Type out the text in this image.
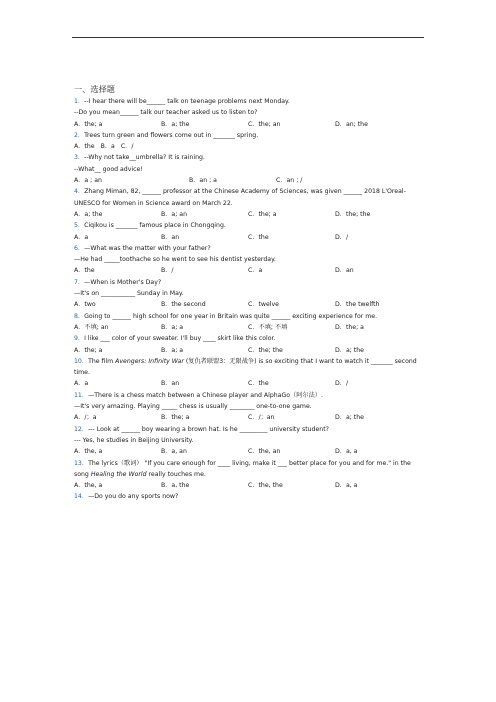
一、选择题
1．--I hear there will be______ talk on teenage problems next Monday.
--Do you mean______ talk our teacher asked us to listen to?
A．the; a	B．a; the	C．the; an	D．an; the
2．Trees turn green and flowers come out in _______ spring.
A．the B．a C．/
3．--Why not take__umbrella? It is raining.
--What__ good advice!
A．a ; an	B．an ; a	C．an ; /
4．Zhang Miman, 82, ______ professor at the Chinese Academy of Sciences, was given ______ 2018 L'Oreal-UNESCO for Women in Science award on March 22.
A．a; the	B．a; an	C．the; a	D．the; the
5．Ciqikou is _______ famous place in Chongqing.
A．a	B．an	C．the	D．/
6．—What was the matter with your father?
—He had _____toothache so he went to see his dentist yesterday.
A．the	B．/	C．a	D．an
7．—When is Mother's Day?
—It's on ___________ Sunday in May.
A．two	B．the second	C．twelve	D．the twelfth
8．Going to ______ high school for one year in Britain was quite ______ exciting experience for me.
A．不填; an	B．a; a	C．不填; 不填	D．the; a
9．I like ___ color of your sweater. I'll buy ____ skirt like this color.
A．the; a	B．a; a	C．the; the	D．a; the
10．The film Avengers: Infinity War (复仇者联盟3：无限战争) is so exciting that I want to watch it _______ second time.
A．a	B．an	C．the	D．/
11．—There is a chess match between a Chinese player and AlphaGo（阿尔法）.
—It's very amazing. Playing _____ chess is usually ________ one-to-one game.
A．/；a	B．the; a	C．/；an	D．a; the
12．--- Look at ______ boy wearing a brown hat. Is he _________ university student?
--- Yes, he studies in Beijing University.
A．the, a	B．a, an	C．the, an	D．a, a
13．The lyrics（歌词） "If you care enough for ____ living, make it ___ better place for you and for me." in the song Healing the World really touches me.
A．the, a	B．a, the	C．the, the	D．a, a
14．—Do you do any sports now?
